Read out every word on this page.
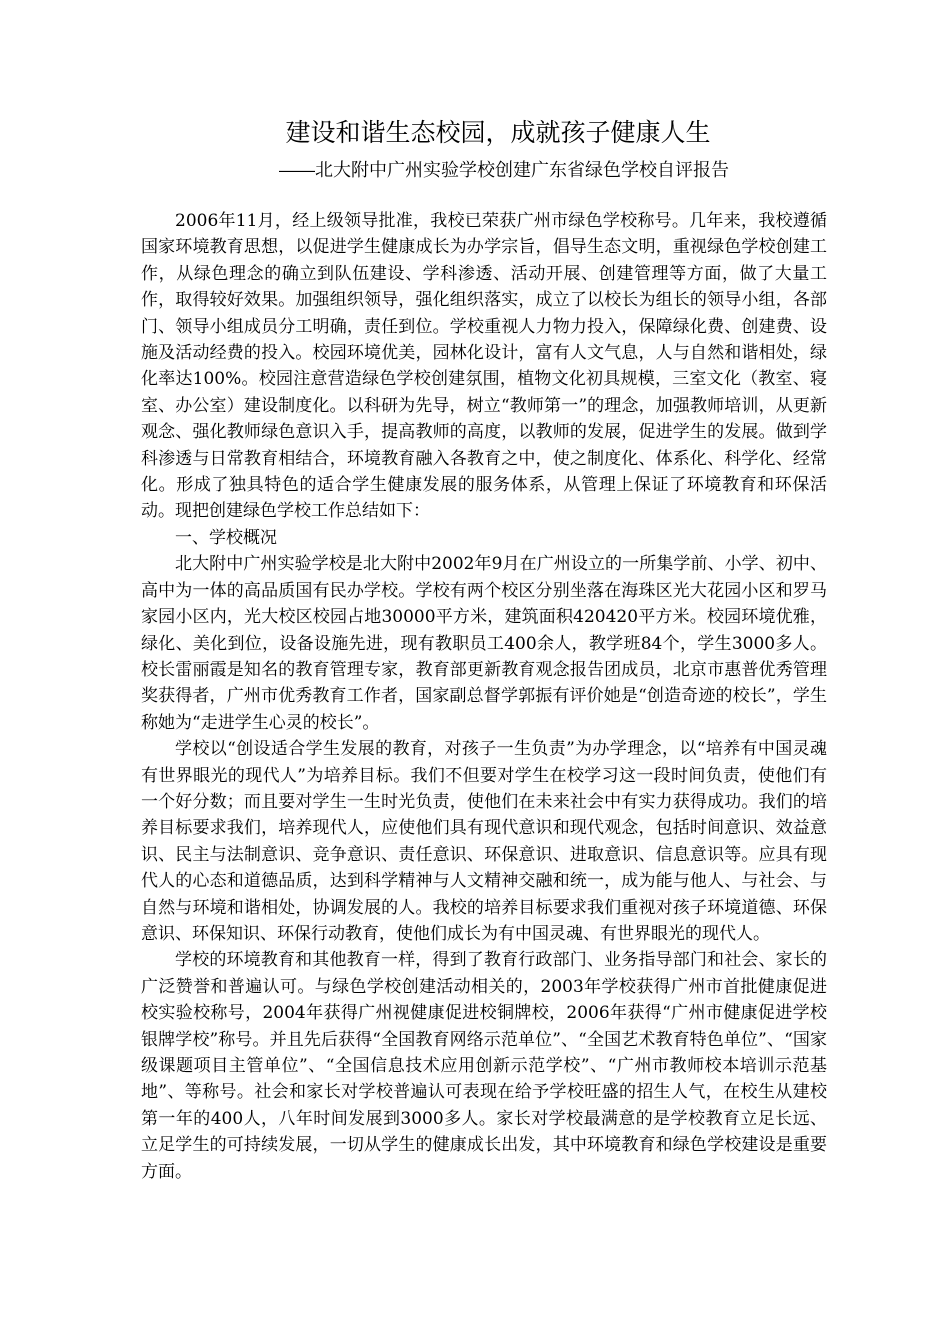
建设和谐生态校园，成就孩子健康人生
――北大附中广州实验学校创建广东省绿色学校自评报告

2006年11月，经上级领导批准，我校已荣获广州市绿色学校称号。几年来，我校遵循国家环境教育思想，以促进学生健康成长为办学宗旨，倡导生态文明，重视绿色学校创建工作，从绿色理念的确立到队伍建设、学科渗透、活动开展、创建管理等方面，做了大量工作，取得较好效果。加强组织领导，强化组织落实，成立了以校长为组长的领导小组，各部门、领导小组成员分工明确，责任到位。学校重视人力物力投入，保障绿化费、创建费、设施及活动经费的投入。校园环境优美，园林化设计，富有人文气息，人与自然和谐相处，绿化率达100%。校园注意营造绿色学校创建氛围，植物文化初具规模，三室文化（教室、寝室、办公室）建设制度化。以科研为先导，树立“教师第一”的理念，加强教师培训，从更新观念、强化教师绿色意识入手，提高教师的高度，以教师的发展，促进学生的发展。做到学科渗透与日常教育相结合，环境教育融入各教育之中，使之制度化、体系化、科学化、经常化。形成了独具特色的适合学生健康发展的服务体系，从管理上保证了环境教育和环保活动。现把创建绿色学校工作总结如下：

一、学校概况

北大附中广州实验学校是北大附中2002年9月在广州设立的一所集学前、小学、初中、高中为一体的高品质国有民办学校。学校有两个校区分别坐落在海珠区光大花园小区和罗马家园小区内，光大校区校园占地30000平方米，建筑面积420420平方米。校园环境优雅，绿化、美化到位，设备设施先进，现有教职员工400余人，教学班84个，学生3000多人。校长雷丽霞是知名的教育管理专家，教育部更新教育观念报告团成员，北京市惠普优秀管理奖获得者，广州市优秀教育工作者，国家副总督学郭振有评价她是“创造奇迹的校长”，学生称她为“走进学生心灵的校长”。

学校以“创设适合学生发展的教育，对孩子一生负责”为办学理念，以“培养有中国灵魂有世界眼光的现代人”为培养目标。我们不但要对学生在校学习这一段时间负责，使他们有一个好分数；而且要对学生一生时光负责，使他们在未来社会中有实力获得成功。我们的培养目标要求我们，培养现代人，应使他们具有现代意识和现代观念，包括时间意识、效益意识、民主与法制意识、竞争意识、责任意识、环保意识、进取意识、信息意识等。应具有现代人的心态和道德品质，达到科学精神与人文精神交融和统一，成为能与他人、与社会、与自然与环境和谐相处，协调发展的人。我校的培养目标要求我们重视对孩子环境道德、环保意识、环保知识、环保行动教育，使他们成长为有中国灵魂、有世界眼光的现代人。

学校的环境教育和其他教育一样，得到了教育行政部门、业务指导部门和社会、家长的广泛赞誉和普遍认可。与绿色学校创建活动相关的，2003年学校获得广州市首批健康促进校实验校称号，2004年获得广州视健康促进校铜牌校，2006年获得“广州市健康促进学校银牌学校”称号。并且先后获得“全国教育网络示范单位”、“全国艺术教育特色单位”、“国家级课题项目主管单位”、“全国信息技术应用创新示范学校”、“广州市教师校本培训示范基地”、等称号。社会和家长对学校普遍认可表现在给予学校旺盛的招生人气，在校生从建校第一年的400人，八年时间发展到3000多人。家长对学校最满意的是学校教育立足长远、立足学生的可持续发展，一切从学生的健康成长出发，其中环境教育和绿色学校建设是重要方面。
